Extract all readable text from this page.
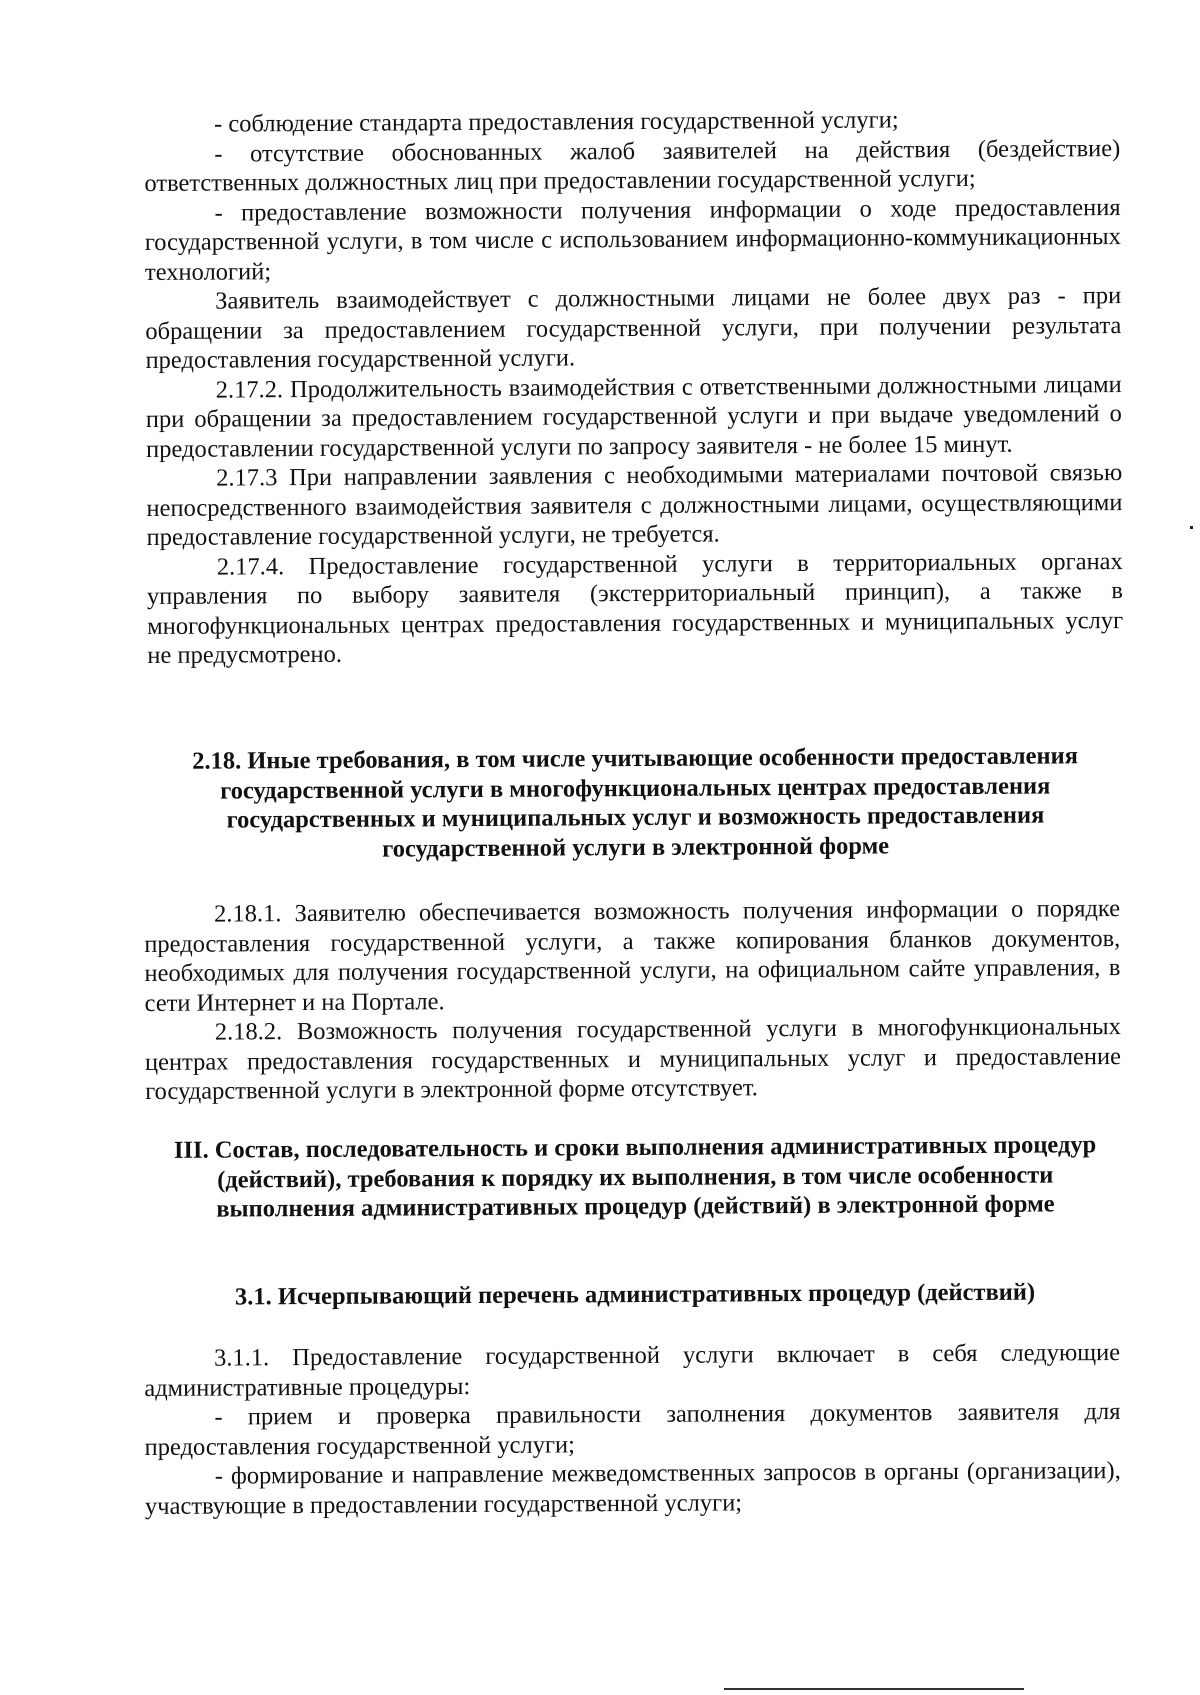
- соблюдение стандарта предоставления государственной услуги;

- отсутствие обоснованных жалоб заявителей на действия (бездействие) ответственных должностных лиц при предоставлении государственной услуги;

- предоставление возможности получения информации о ходе предоставления государственной услуги, в том числе с использованием информационно-коммуникационных технологий;

Заявитель взаимодействует с должностными лицами не более двух раз - при обращении за предоставлением государственной услуги, при получении результата предоставления государственной услуги.

2.17.2. Продолжительность взаимодействия с ответственными должностными лицами при обращении за предоставлением государственной услуги и при выдаче уведомлений о предоставлении государственной услуги по запросу заявителя - не более 15 минут.

2.17.3 При направлении заявления с необходимыми материалами почтовой связью непосредственного взаимодействия заявителя с должностными лицами, осуществляющими предоставление государственной услуги, не требуется.

2.17.4. Предоставление государственной услуги в территориальных органах управления по выбору заявителя (экстерриториальный принцип), а также в многофункциональных центрах предоставления государственных и муниципальных услуг не предусмотрено.

2.18. Иные требования, в том числе учитывающие особенности предоставления государственной услуги в многофункциональных центрах предоставления государственных и муниципальных услуг и возможность предоставления государственной услуги в электронной форме

2.18.1. Заявителю обеспечивается возможность получения информации о порядке предоставления государственной услуги, а также копирования бланков документов, необходимых для получения государственной услуги, на официальном сайте управления, в сети Интернет и на Портале.

2.18.2. Возможность получения государственной услуги в многофункциональных центрах предоставления государственных и муниципальных услуг и предоставление государственной услуги в электронной форме отсутствует.

III. Состав, последовательность и сроки выполнения административных процедур (действий), требования к порядку их выполнения, в том числе особенности выполнения административных процедур (действий) в электронной форме
3.1. Исчерпывающий перечень административных процедур (действий)

3.1.1. Предоставление государственной услуги включает в себя следующие административные процедуры:

- прием и проверка правильности заполнения документов заявителя для предоставления государственной услуги;

- формирование и направление межведомственных запросов в органы (организации), участвующие в предоставлении государственной услуги;
